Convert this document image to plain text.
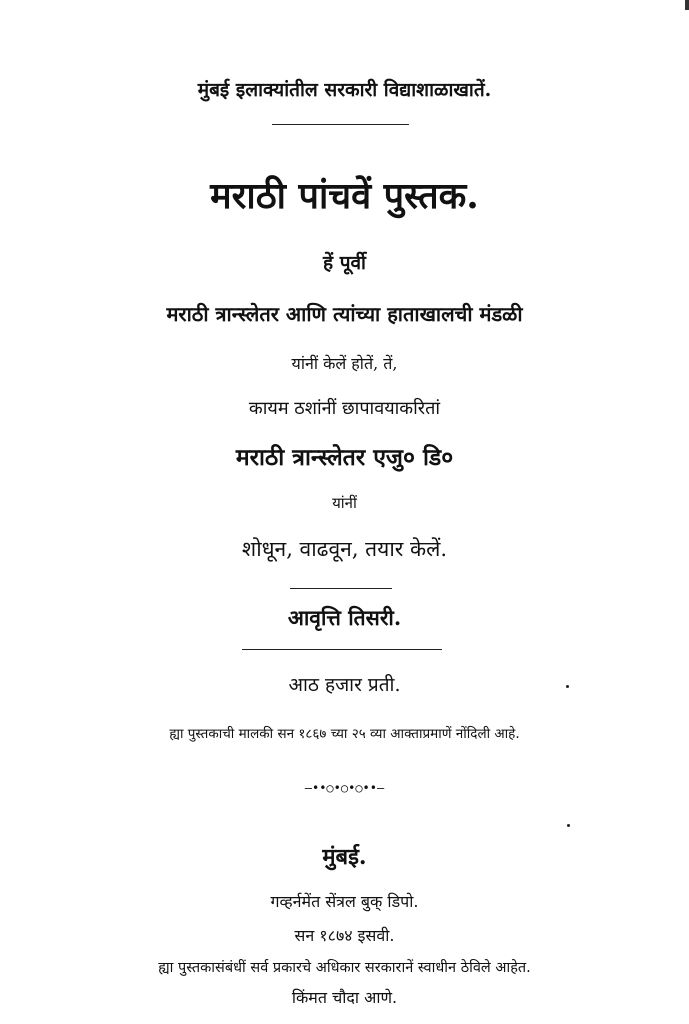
मुंबई इलाक्यांतील सरकारी विद्याशाळाखातें.
मराठी पांचवें पुस्तक.
हें पूर्वी
मराठी त्रान्स्लेतर आणि त्यांच्या हाताखालची मंडळी
यांनीं केलें होतें, तें,
कायम ठशांनीं छापावयाकरितां
मराठी त्रान्स्लेतर एजु० डि०
यांनीं
शोधून, वाढवून, तयार केलें.
आवृत्ति तिसरी.
आठ हजार प्रती.
ह्या पुस्तकाची मालकी सन १८६७ च्या २५ व्या आक्ताप्रमाणें नोंदिली आहे.
—••○•○•○••—
मुंबई.
गव्हर्नमेंत सेंत्रल बुक् डिपो.
सन १८७४ इसवी.
ह्या पुस्तकासंबंधीं सर्व प्रकारचे अधिकार सरकारानें स्वाधीन ठेविले आहेत.
किंमत चौदा आणे.
